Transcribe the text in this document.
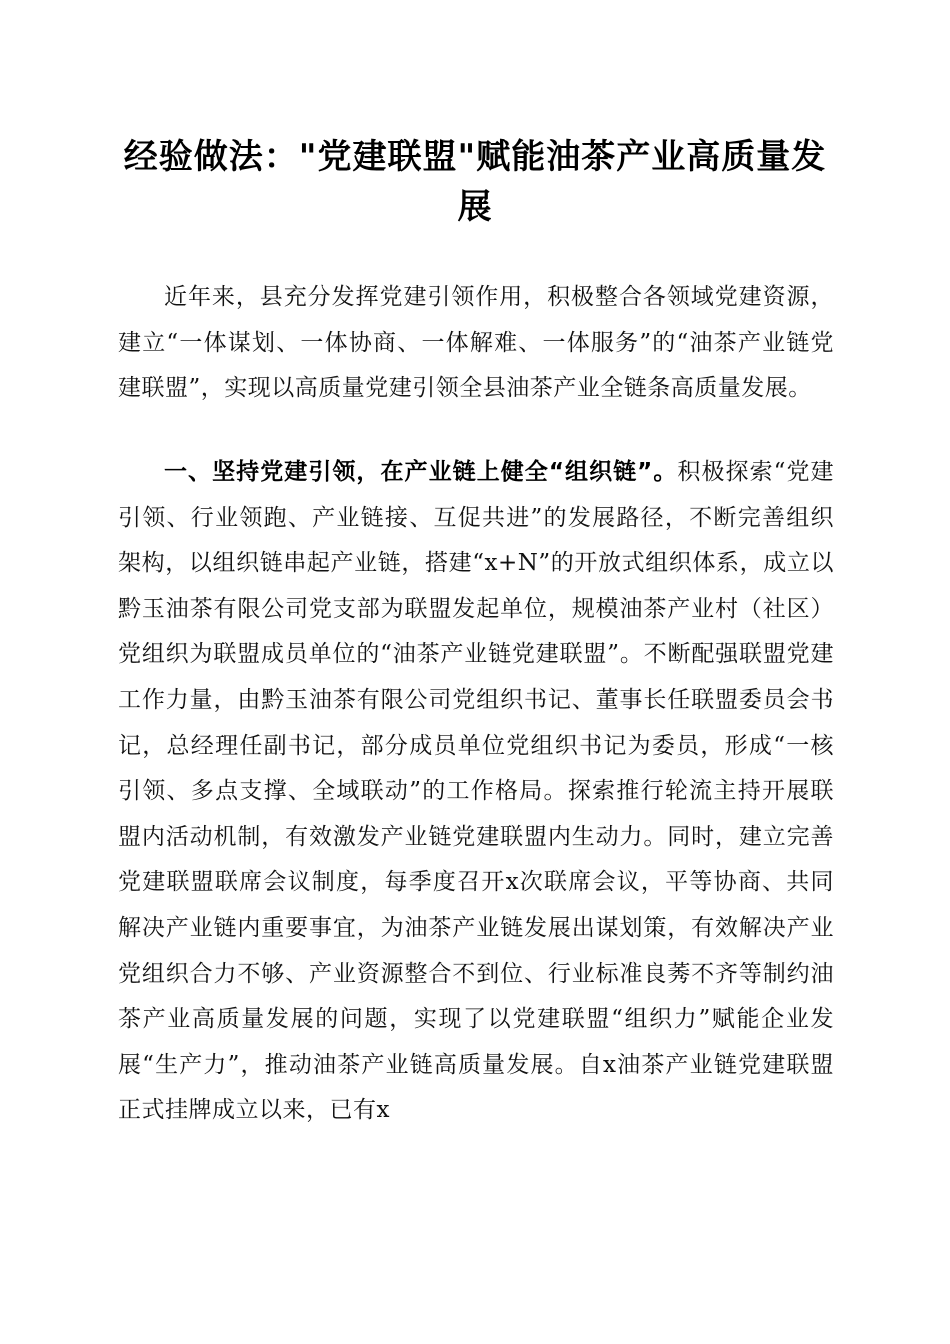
经验做法："党建联盟"赋能油茶产业高质量发展

近年来，县充分发挥党建引领作用，积极整合各领域党建资源，建立“一体谋划、一体协商、一体解难、一体服务”的“油茶产业链党建联盟”，实现以高质量党建引领全县油茶产业全链条高质量发展。

一、坚持党建引领，在产业链上健全“组织链”。积极探索“党建引领、行业领跑、产业链接、互促共进”的发展路径，不断完善组织架构，以组织链串起产业链，搭建“x+N”的开放式组织体系，成立以黔玉油茶有限公司党支部为联盟发起单位，规模油茶产业村（社区）党组织为联盟成员单位的“油茶产业链党建联盟”。不断配强联盟党建工作力量，由黔玉油茶有限公司党组织书记、董事长任联盟委员会书记，总经理任副书记，部分成员单位党组织书记为委员，形成“一核引领、多点支撑、全域联动”的工作格局。探索推行轮流主持开展联盟内活动机制，有效激发产业链党建联盟内生动力。同时，建立完善党建联盟联席会议制度，每季度召开x次联席会议，平等协商、共同解决产业链内重要事宜，为油茶产业链发展出谋划策，有效解决产业党组织合力不够、产业资源整合不到位、行业标准良莠不齐等制约油茶产业高质量发展的问题，实现了以党建联盟“组织力”赋能企业发展“生产力”，推动油茶产业链高质量发展。自x油茶产业链党建联盟正式挂牌成立以来，已有x
